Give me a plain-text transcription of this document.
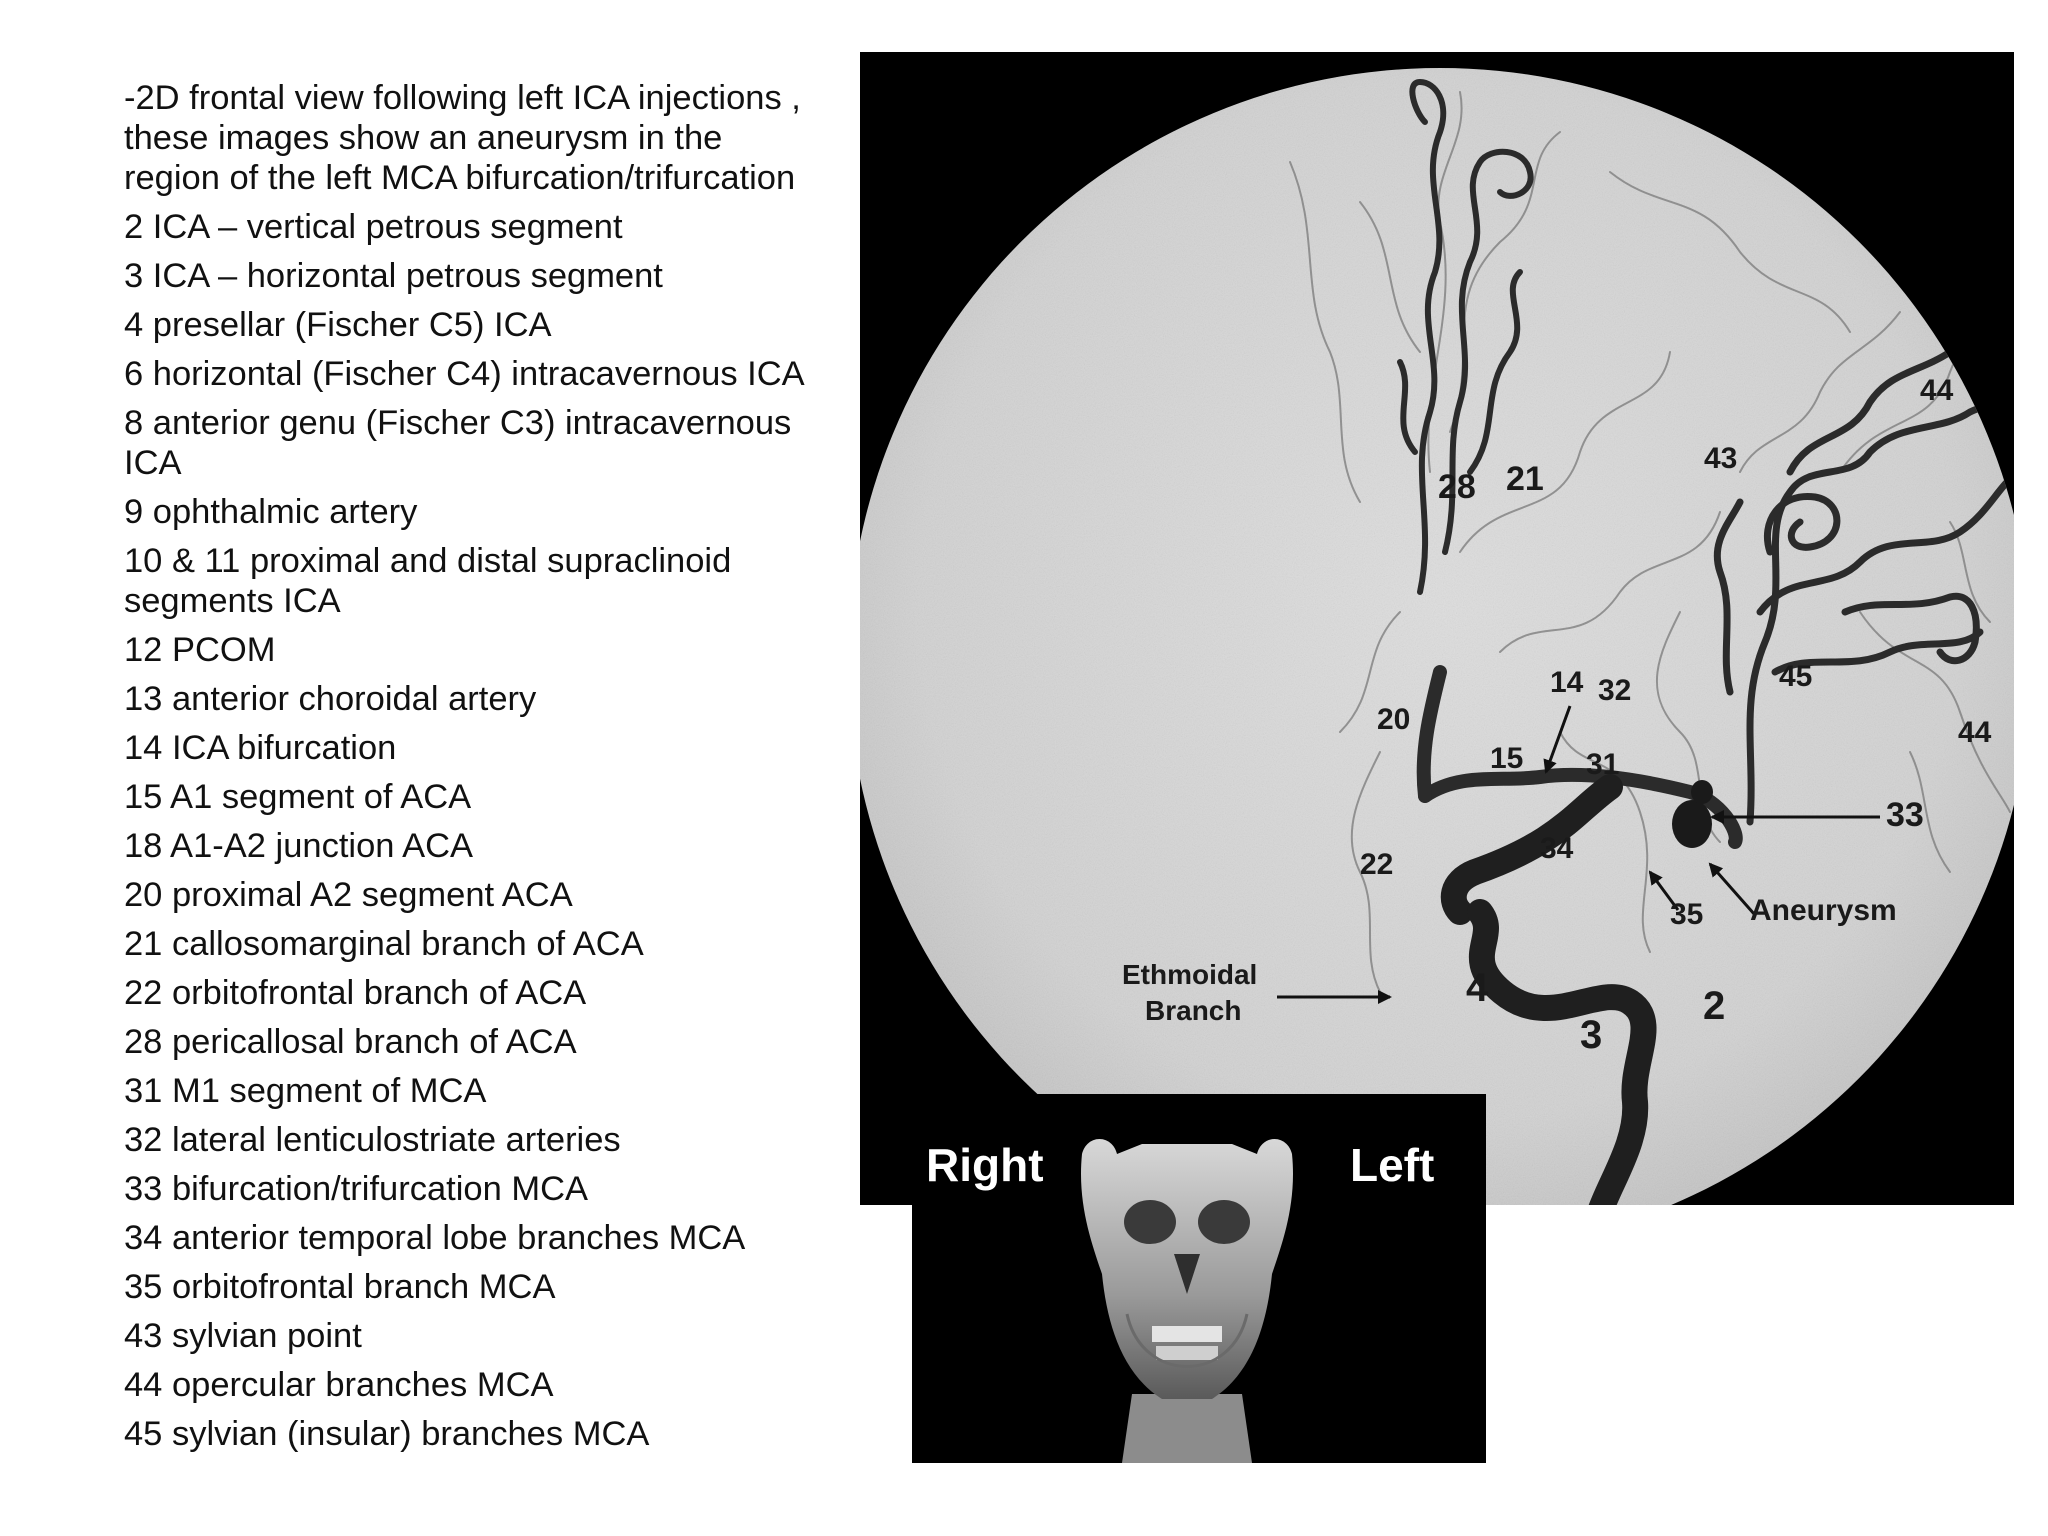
-2D frontal view following left ICA injections , these images show an aneurysm in the region of the left MCA bifurcation/trifurcation
2 ICA – vertical petrous segment
3 ICA – horizontal petrous segment
4 presellar (Fischer C5) ICA
6 horizontal (Fischer C4) intracavernous ICA
8 anterior genu (Fischer C3) intracavernous ICA
9 ophthalmic artery
10 & 11 proximal and distal supraclinoid segments ICA
12 PCOM
13 anterior choroidal artery
14 ICA bifurcation
15 A1 segment of ACA
18 A1-A2 junction ACA
20 proximal A2 segment ACA
21 callosomarginal branch of ACA
22 orbitofrontal branch of ACA
28 pericallosal branch of ACA
31 M1 segment of MCA
32 lateral lenticulostriate arteries
33 bifurcation/trifurcation MCA
34 anterior temporal lobe branches MCA
35 orbitofrontal branch MCA
43 sylvian point
44 opercular branches MCA
45 sylvian (insular) branches MCA
2
3
4
14
15
20
21
22
28
31
32
33
34
35
43
44
44
45
Ethmoidal
Branch
Aneurysm
Right	Left
